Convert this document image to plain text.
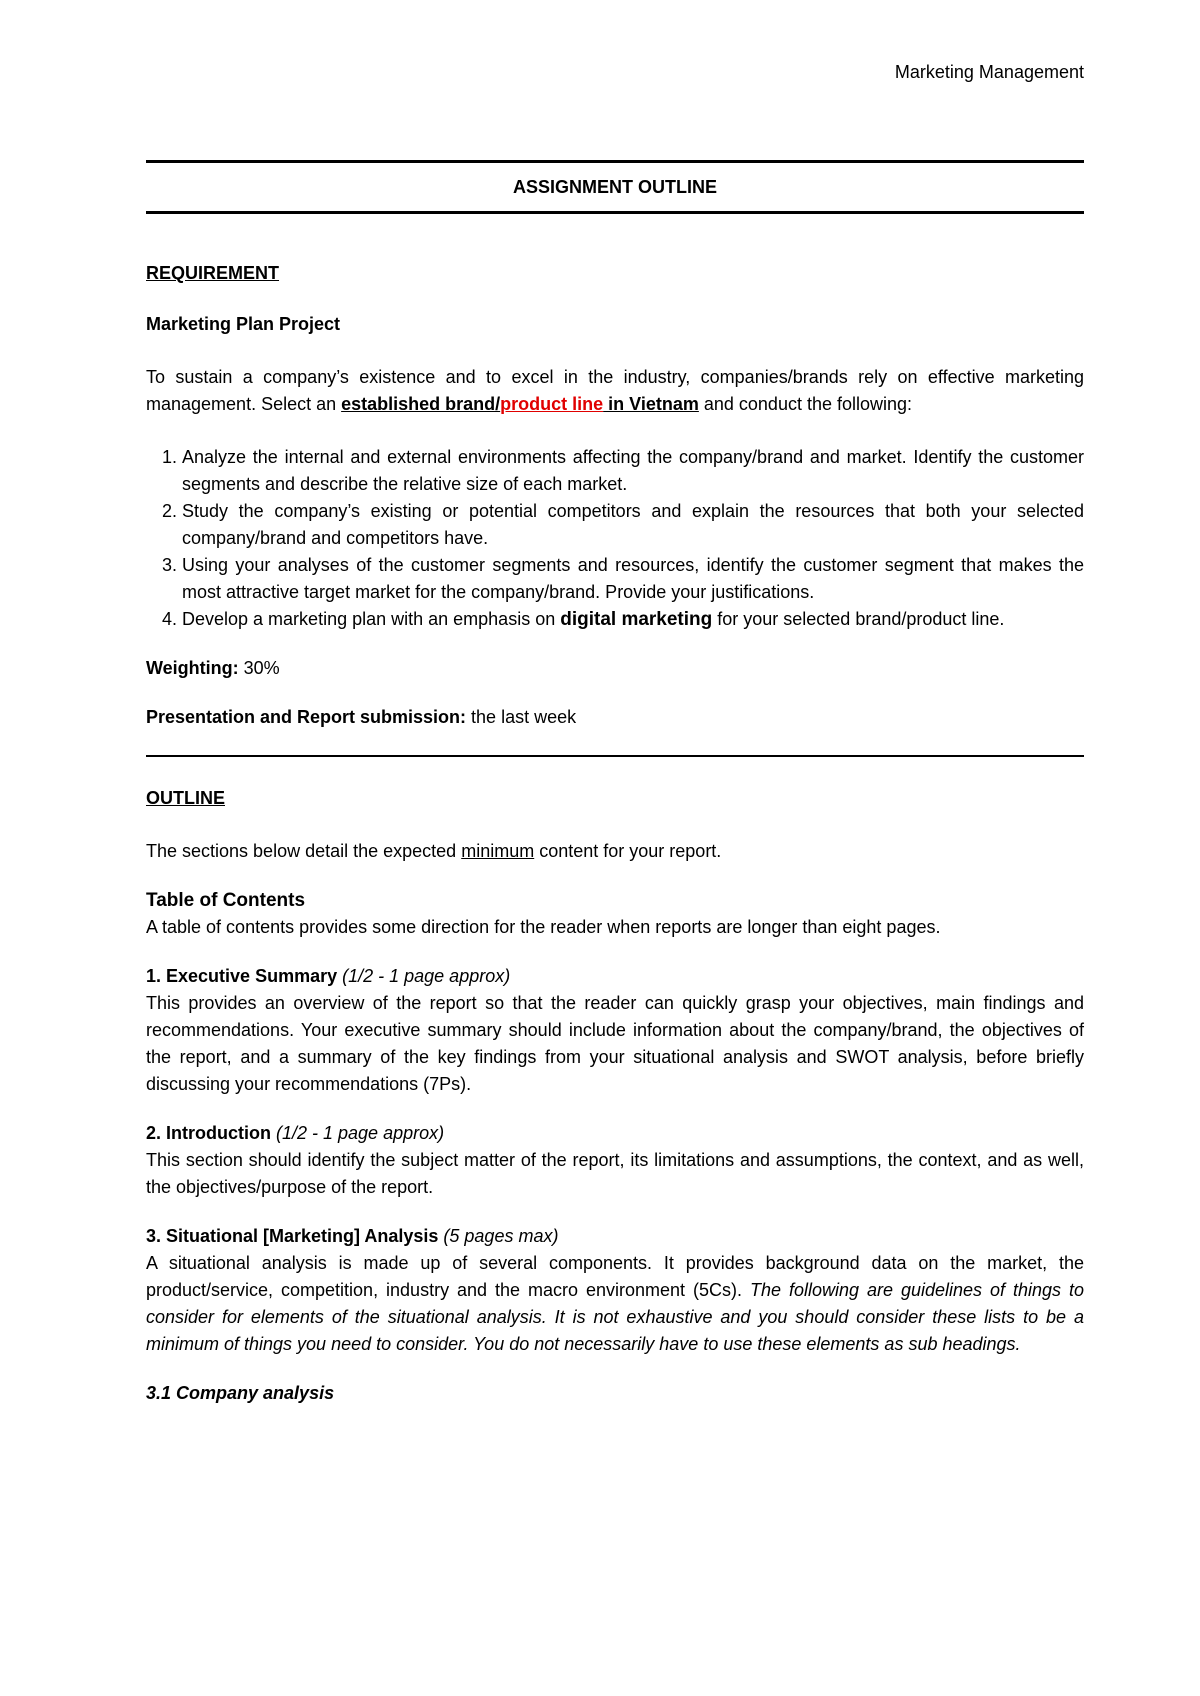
Marketing Management
ASSIGNMENT OUTLINE
REQUIREMENT
Marketing Plan Project

To sustain a company’s existence and to excel in the industry, companies/brands rely on effective marketing management. Select an established brand/product line in Vietnam and conduct the following:

1. Analyze the internal and external environments affecting the company/brand and market. Identify the customer segments and describe the relative size of each market.
2. Study the company’s existing or potential competitors and explain the resources that both your selected company/brand and competitors have.
3. Using your analyses of the customer segments and resources, identify the customer segment that makes the most attractive target market for the company/brand. Provide your justifications.
4. Develop a marketing plan with an emphasis on digital marketing for your selected brand/product line.

Weighting: 30%

Presentation and Report submission: the last week

OUTLINE

The sections below detail the expected minimum content for your report.

Table of Contents

A table of contents provides some direction for the reader when reports are longer than eight pages.

1. Executive Summary (1/2 - 1 page approx)

This provides an overview of the report so that the reader can quickly grasp your objectives, main findings and recommendations. Your executive summary should include information about the company/brand, the objectives of the report, and a summary of the key findings from your situational analysis and SWOT analysis, before briefly discussing your recommendations (7Ps).

2. Introduction (1/2 - 1 page approx)

This section should identify the subject matter of the report, its limitations and assumptions, the context, and as well, the objectives/purpose of the report.

3. Situational [Marketing] Analysis (5 pages max)

A situational analysis is made up of several components. It provides background data on the market, the product/service, competition, industry and the macro environment (5Cs). The following are guidelines of things to consider for elements of the situational analysis. It is not exhaustive and you should consider these lists to be a minimum of things you need to consider. You do not necessarily have to use these elements as sub headings.

3.1 Company analysis
